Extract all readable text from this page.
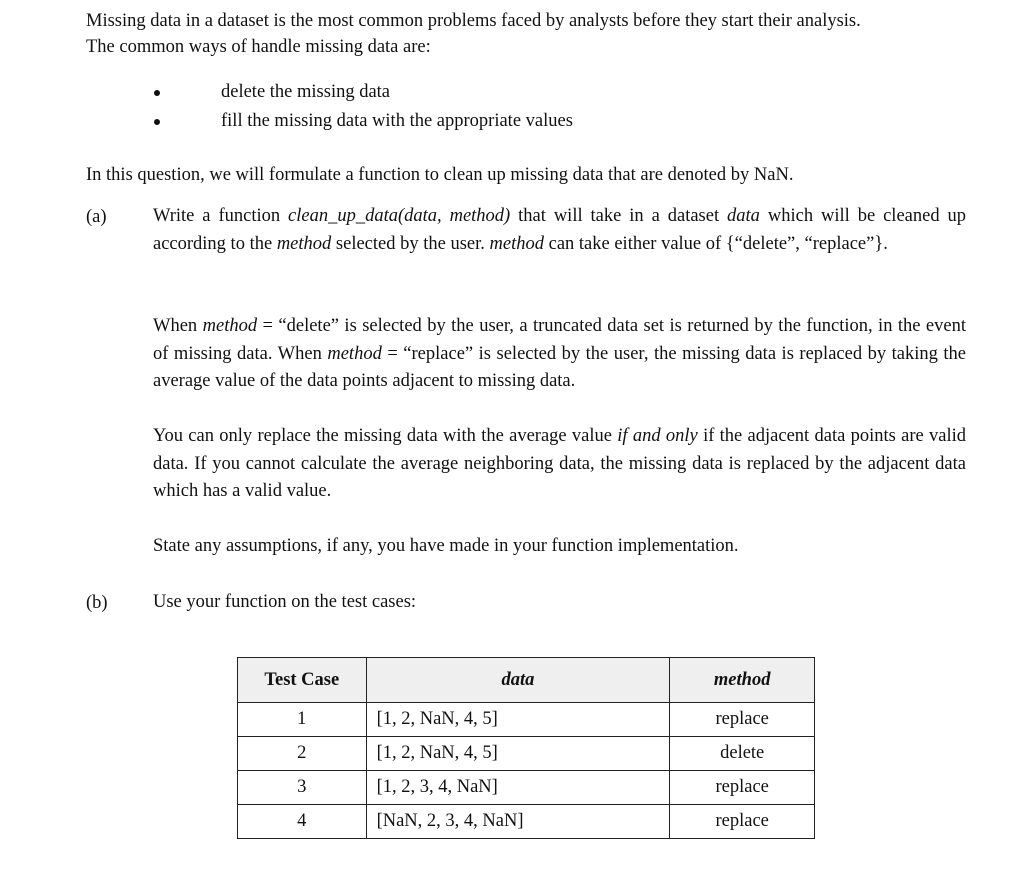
Missing data in a dataset is the most common problems faced by analysts before they start their analysis.

The common ways of handle missing data are:

delete the missing data
fill the missing data with the appropriate values

In this question, we will formulate a function to clean up missing data that are denoted by NaN.

(a)	Write a function clean_up_data(data, method) that will take in a dataset data which will be cleaned up according to the method selected by the user. method can take either value of {“delete”, “replace”}.

When method = “delete” is selected by the user, a truncated data set is returned by the function, in the event of missing data. When method = “replace” is selected by the user, the missing data is replaced by taking the average value of the data points adjacent to missing data.

You can only replace the missing data with the average value if and only if the adjacent data points are valid data. If you cannot calculate the average neighboring data, the missing data is replaced by the adjacent data which has a valid value.

State any assumptions, if any, you have made in your function implementation.

(b) Use your function on the test cases:

Test Case	data	method
1	[1, 2, NaN, 4, 5]	replace
2	[1, 2, NaN, 4, 5]	delete
3	[1, 2, 3, 4, NaN]	replace
4	[NaN, 2, 3, 4, NaN]	replace
